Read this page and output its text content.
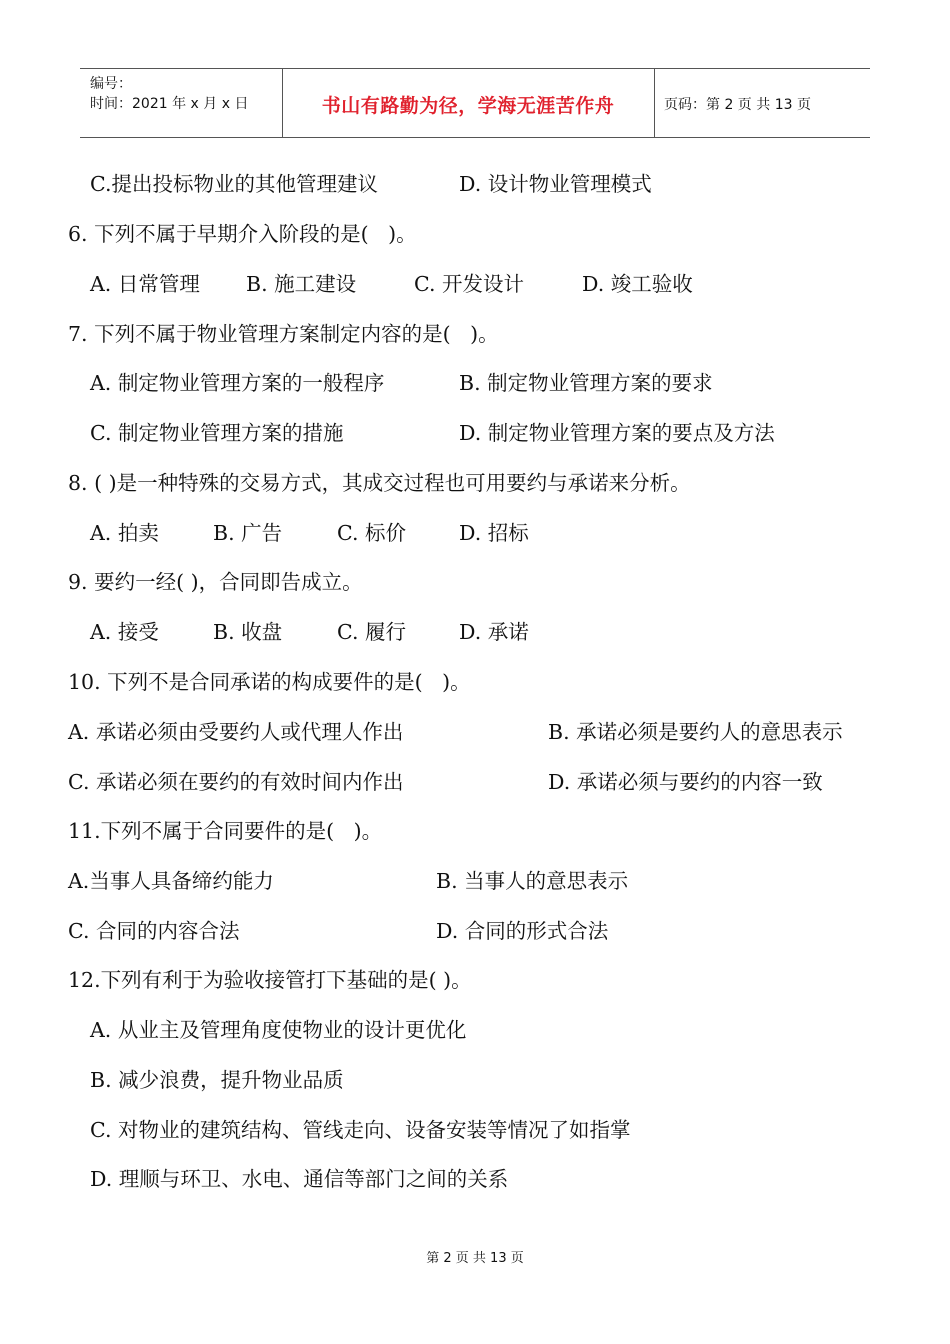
编号：
时间：2021 年 x 月 x 日	书山有路勤为径，学海无涯苦作舟	页码：第 2 页 共 13 页
C.提出投标物业的其他管理建议	D. 设计物业管理模式
6. 下列不属于早期介入阶段的是(   )。
A. 日常管理 B. 施工建设	C. 开发设计	D. 竣工验收
7. 下列不属于物业管理方案制定内容的是(   )。
A. 制定物业管理方案的一般程序	B. 制定物业管理方案的要求
C. 制定物业管理方案的措施	D. 制定物业管理方案的要点及方法
8. ( )是一种特殊的交易方式，其成交过程也可用要约与承诺来分析。
A. 拍卖	B. 广告	C. 标价	D. 招标
9. 要约一经( )，合同即告成立。
A. 接受	B. 收盘	C. 履行	D. 承诺
10. 下列不是合同承诺的构成要件的是(   )。
A. 承诺必须由受要约人或代理人作出	B. 承诺必须是要约人的意思表示
C. 承诺必须在要约的有效时间内作出	D. 承诺必须与要约的内容一致
11.下列不属于合同要件的是(   )。
A.当事人具备缔约能力	B. 当事人的意思表示
C. 合同的内容合法	D. 合同的形式合法
12.下列有利于为验收接管打下基础的是( )。
A. 从业主及管理角度使物业的设计更优化
B. 减少浪费，提升物业品质
C. 对物业的建筑结构、管线走向、设备安装等情况了如指掌
D. 理顺与环卫、水电、通信等部门之间的关系
第 2 页 共 13 页
